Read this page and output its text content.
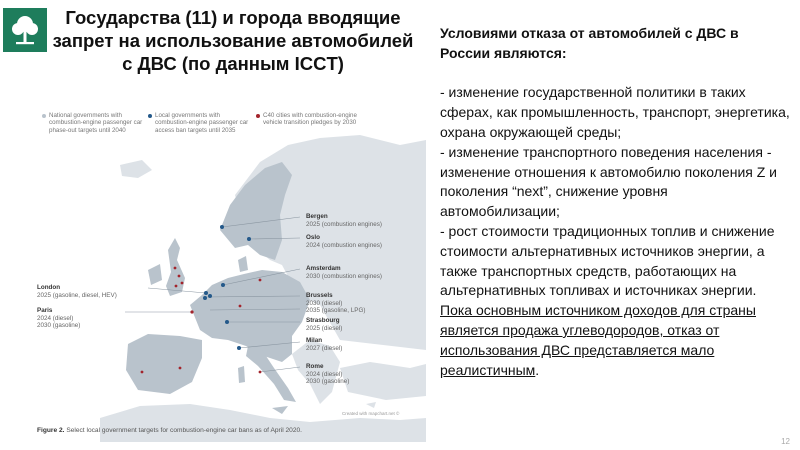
Государства (11) и города вводящие запрет на использование автомобилей с ДВС (по данным ICCT)
National governments with combustion-engine passenger car phase-out targets until 2040
Local governments with combustion-engine passenger car access ban targets until 2035
C40 cities with combustion-engine vehicle transition pledges by 2030
Bergen
2025 (combustion engines)
Oslo
2024 (combustion engines)
Amsterdam
2030 (combustion engines)
London
2025 (gasoline, diesel, HEV)
Paris
2024 (diesel)
2030 (gasoline)
Brussels
2030 (diesel)
2035 (gasoline, LPG)
Strasbourg
2025 (diesel)
Milan
2027 (diesel)
Rome
2024 (diesel)
2030 (gasoline)
Created with mapchart.net ©
Figure 2. Select local government targets for combustion-engine car bans as of April 2020.

Условиями отказа от автомобилей с ДВС в России являются:

- изменение государственной политики в таких сферах, как промышленность, транспорт, энергетика, охрана окружающей среды;

- изменение транспортного поведения населения - изменение отношения к автомобилю поколения Z и поколения “next”, снижение уровня автомобилизации;

- рост стоимости традиционных топлив и снижение стоимости альтернативных источников энергии, а также транспортных средств, работающих на альтернативных топливах и источниках энергии.

Пока основным источником доходов для страны является продажа углеводородов, отказ от использования ДВС представляется мало реалистичным.

12
